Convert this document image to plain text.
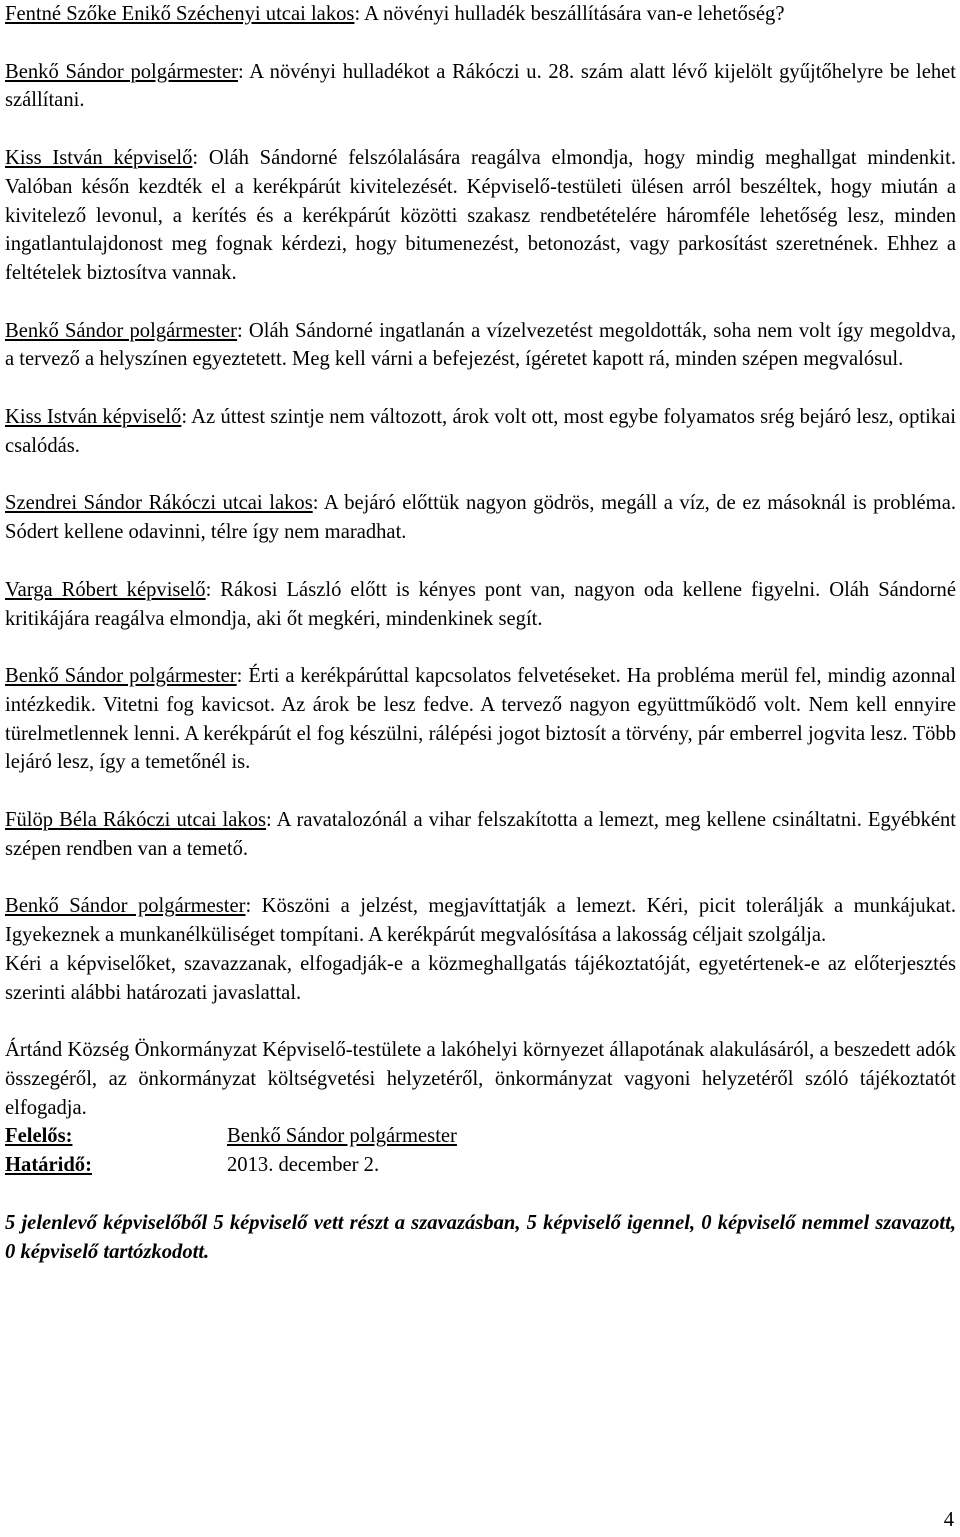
Fentné Szőke Enikő Széchenyi utcai lakos: A növényi hulladék beszállítására van-e lehetőség?

Benkő Sándor polgármester: A növényi hulladékot a Rákóczi u. 28. szám alatt lévő kijelölt gyűjtőhelyre be lehet szállítani.

Kiss István képviselő: Oláh Sándorné felszólalására reagálva elmondja, hogy mindig meghallgat mindenkit. Valóban későn kezdték el a kerékpárút kivitelezését. Képviselő-testületi ülésen arról beszéltek, hogy miután a kivitelező levonul, a kerítés és a kerékpárút közötti szakasz rendbetételére háromféle lehetőség lesz, minden ingatlantulajdonost meg fognak kérdezi, hogy bitumenezést, betonozást, vagy parkosítást szeretnének. Ehhez a feltételek biztosítva vannak.

Benkő Sándor polgármester: Oláh Sándorné ingatlanán a vízelvezetést megoldották, soha nem volt így megoldva, a tervező a helyszínen egyeztetett. Meg kell várni a befejezést, ígéretet kapott rá, minden szépen megvalósul.

Kiss István képviselő: Az úttest szintje nem változott, árok volt ott, most egybe folyamatos srég bejáró lesz, optikai csalódás.

Szendrei Sándor Rákóczi utcai lakos: A bejáró előttük nagyon gödrös, megáll a víz, de ez másoknál is probléma. Sódert kellene odavinni, télre így nem maradhat.

Varga Róbert képviselő: Rákosi László előtt is kényes pont van, nagyon oda kellene figyelni. Oláh Sándorné kritikájára reagálva elmondja, aki őt megkéri, mindenkinek segít.

Benkő Sándor polgármester: Érti a kerékpárúttal kapcsolatos felvetéseket. Ha probléma merül fel, mindig azonnal intézkedik. Vitetni fog kavicsot. Az árok be lesz fedve. A tervező nagyon együttműködő volt. Nem kell ennyire türelmetlennek lenni. A kerékpárút el fog készülni, rálépési jogot biztosít a törvény, pár emberrel jogvita lesz. Több lejáró lesz, így a temetőnél is.

Fülöp Béla Rákóczi utcai lakos: A ravatalozónál a vihar felszakította a lemezt, meg kellene csináltatni. Egyébként szépen rendben van a temető.

Benkő Sándor polgármester: Köszöni a jelzést, megjavíttatják a lemezt. Kéri, picit tolerálják a munkájukat. Igyekeznek a munkanélküliséget tompítani. A kerékpárút megvalósítása a lakosság céljait szolgálja.

Kéri a képviselőket, szavazzanak, elfogadják-e a közmeghallgatás tájékoztatóját, egyetértenek-e az előterjesztés szerinti alábbi határozati javaslattal.

Ártánd Község Önkormányzat Képviselő-testülete a lakóhelyi környezet állapotának alakulásáról, a beszedett adók összegéről, az önkormányzat költségvetési helyzetéről, önkormányzat vagyoni helyzetéről szóló tájékoztatót elfogadja.

Felelős:	Benkő Sándor polgármester
Határidő:	2013. december 2.

5 jelenlevő képviselőből 5 képviselő vett részt a szavazásban, 5 képviselő igennel, 0 képviselő nemmel szavazott, 0 képviselő tartózkodott.

4
